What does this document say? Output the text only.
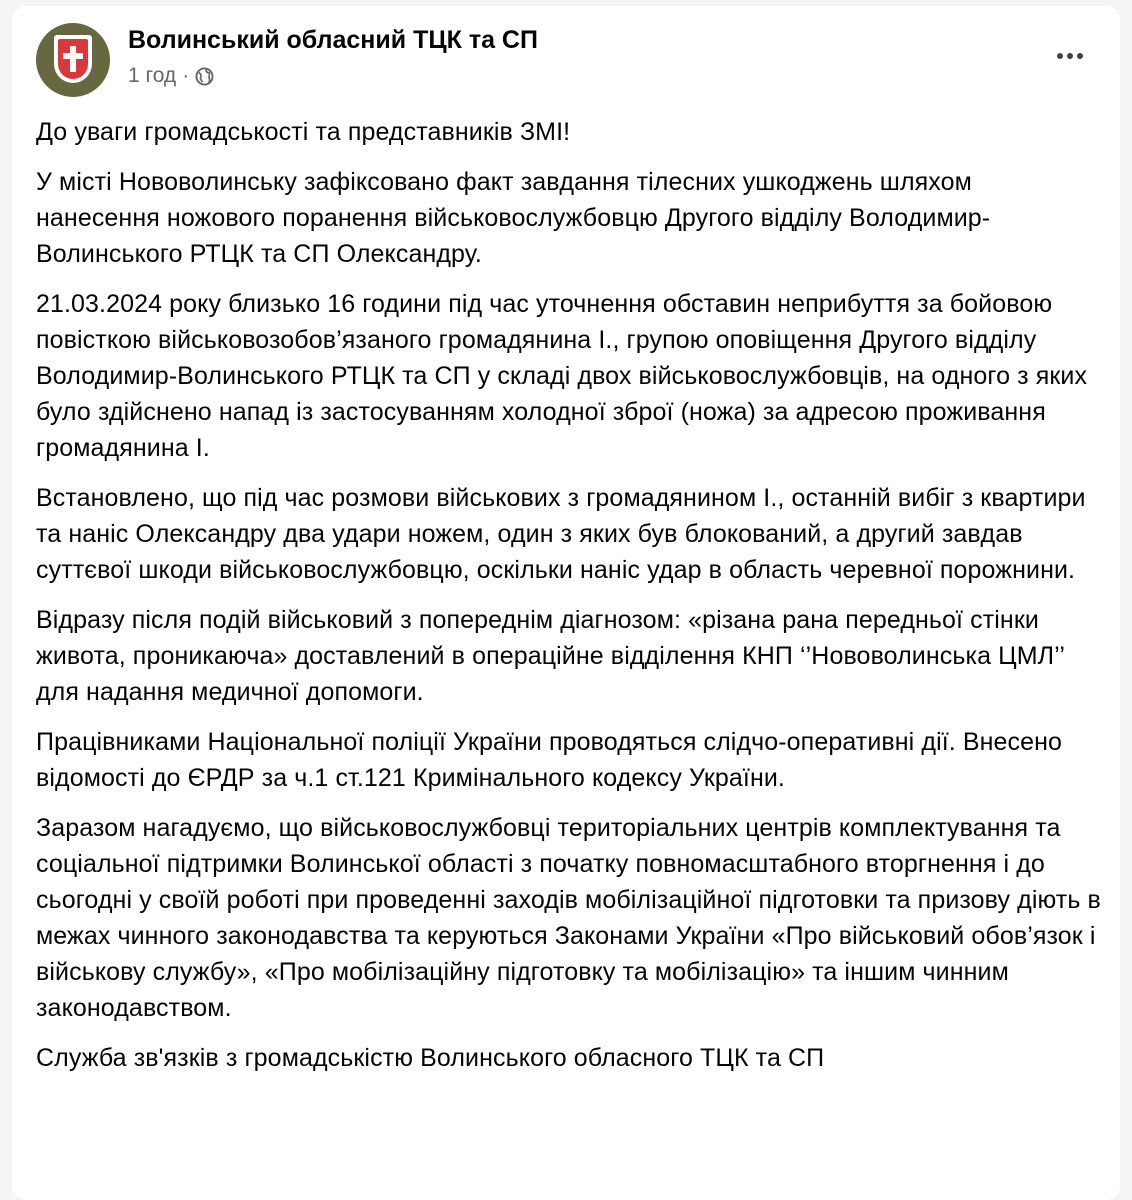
Волинський обласний ТЦК та СП
1 год ·

До уваги громадськості та представників ЗМІ!

У місті Нововолинську зафіксовано факт завдання тілесних ушкоджень шляхом нанесення ножового поранення військовослужбовцю Другого відділу Володимир-Волинського РТЦК та СП Олександру.

21.03.2024 року близько 16 години під час уточнення обставин неприбуття за бойовою повісткою військовозобов’язаного громадянина І., групою оповіщення Другого відділу Володимир-Волинського РТЦК та СП у складі двох військовослужбовців, на одного з яких було здійснено напад із застосуванням холодної зброї (ножа) за адресою проживання громадянина І.

Встановлено, що під час розмови військових з громадянином І., останній вибіг з квартири та наніс Олександру два удари ножем, один з яких був блокований, а другий завдав суттєвої шкоди військовослужбовцю, оскільки наніс удар в область черевної порожнини.

Відразу після подій військовий з попереднім діагнозом: «різана рана передньої стінки живота, проникаюча» доставлений в операційне відділення КНП ‘’Нововолинська ЦМЛ’’ для надання медичної допомоги.

Працівниками Національної поліції України проводяться слідчо-оперативні дії. Внесено відомості до ЄРДР за ч.1 ст.121 Кримінального кодексу України.

Заразом нагадуємо, що військовослужбовці територіальних центрів комплектування та соціальної підтримки Волинської області з початку повномасштабного вторгнення і до сьогодні у своїй роботі при проведенні заходів мобілізаційної підготовки та призову діють в межах чинного законодавства та керуються Законами України «Про військовий обов’язок і військову службу», «Про мобілізаційну підготовку та мобілізацію» та іншим чинним законодавством.

Служба зв'язків з громадськістю Волинського обласного ТЦК та СП
